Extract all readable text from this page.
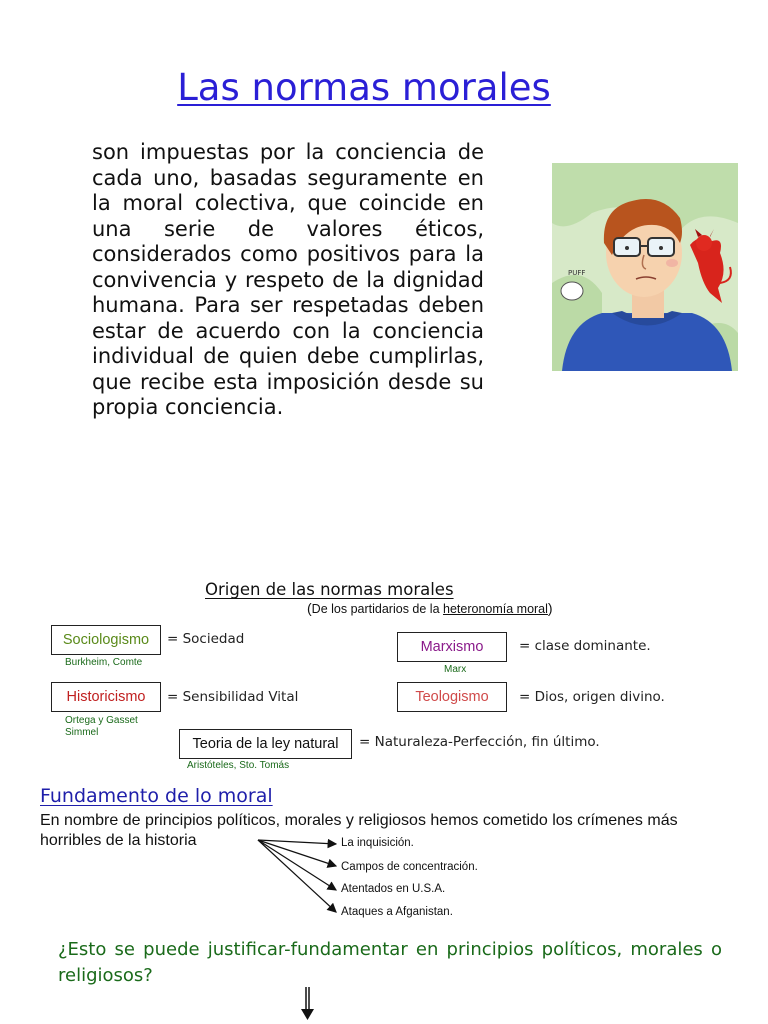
Las normas morales
son impuestas por la conciencia de cada uno, basadas seguramente en la moral colectiva, que coincide en una serie de valores éticos, considerados como positivos para la convivencia y respeto de la dignidad humana. Para ser respetadas deben estar de acuerdo con la conciencia individual de quien debe cumplirlas, que recibe esta imposición desde su propia conciencia.
PUFF
Origen de las normas morales
(De los partidarios de la heteronomía moral)
Sociologismo	= Sociedad
Burkheim, Comte
Marxismo	= clase dominante.
Marx
Historicismo	= Sensibilidad Vital
Ortega y Gasset
Simmel
Teologismo	= Dios, origen divino.
Teoria de la ley natural	= Naturaleza-Perfección, fin último.
Aristóteles, Sto. Tomás
Fundamento de lo moral
En nombre de principios políticos, morales y religiosos hemos cometido los crímenes más horribles de la historia	La inquisición.
Campos de concentración.
Atentados en U.S.A.
Ataques a Afganistan.
¿Esto se puede justificar-fundamentar en principios políticos, morales o religiosos?
